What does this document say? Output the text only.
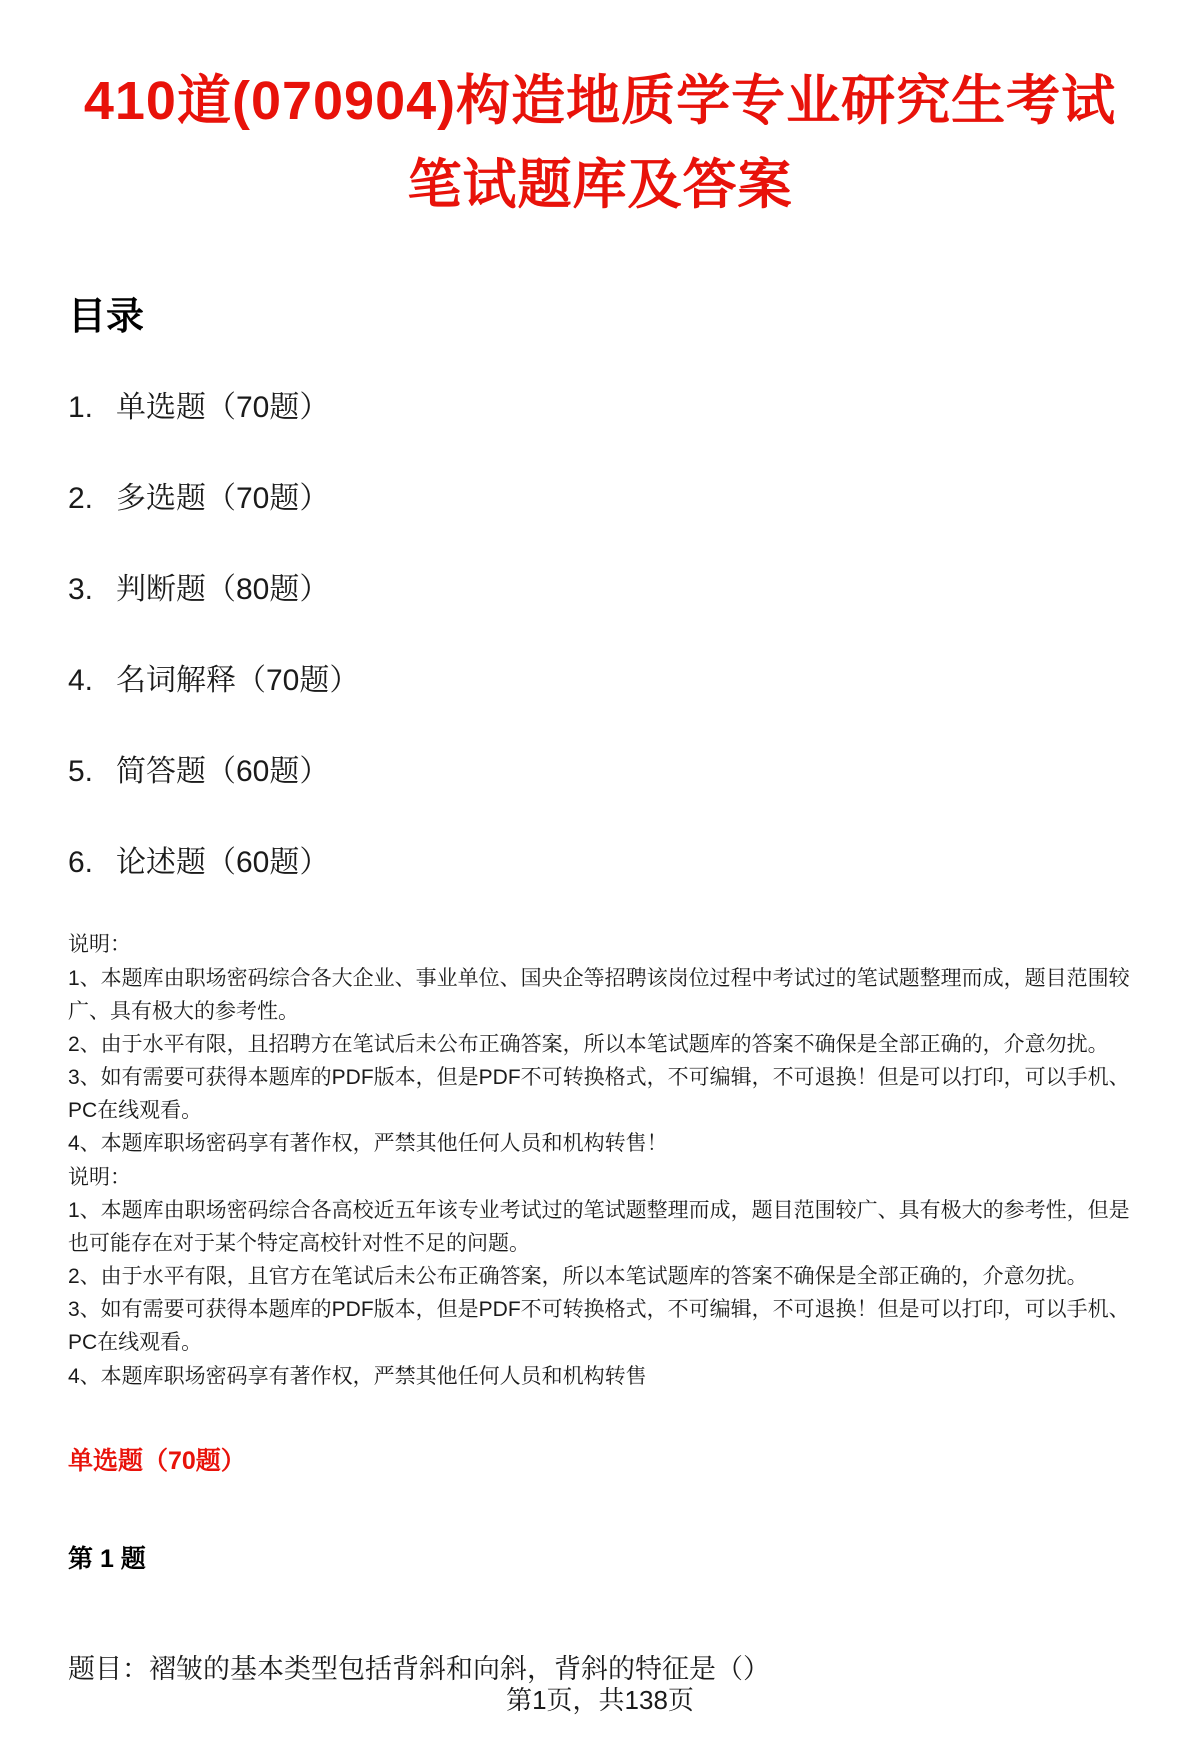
410道(070904)构造地质学专业研究生考试笔试题库及答案
目录
1. 单选题（70题）
2. 多选题（70题）
3. 判断题（80题）
4. 名词解释（70题）
5. 简答题（60题）
6. 论述题（60题）

说明：

1、本题库由职场密码综合各大企业、事业单位、国央企等招聘该岗位过程中考试过的笔试题整理而成，题目范围较广、具有极大的参考性。

2、由于水平有限，且招聘方在笔试后未公布正确答案，所以本笔试题库的答案不确保是全部正确的，介意勿扰。

3、如有需要可获得本题库的PDF版本，但是PDF不可转换格式，不可编辑，不可退换！但是可以打印，可以手机、PC在线观看。

4、本题库职场密码享有著作权，严禁其他任何人员和机构转售！

说明：

1、本题库由职场密码综合各高校近五年该专业考试过的笔试题整理而成，题目范围较广、具有极大的参考性，但是也可能存在对于某个特定高校针对性不足的问题。

2、由于水平有限，且官方在笔试后未公布正确答案，所以本笔试题库的答案不确保是全部正确的，介意勿扰。

3、如有需要可获得本题库的PDF版本，但是PDF不可转换格式，不可编辑，不可退换！但是可以打印，可以手机、PC在线观看。

4、本题库职场密码享有著作权，严禁其他任何人员和机构转售

单选题（70题）
第 1 题
题目：褶皱的基本类型包括背斜和向斜，背斜的特征是（）
第1页，共138页
